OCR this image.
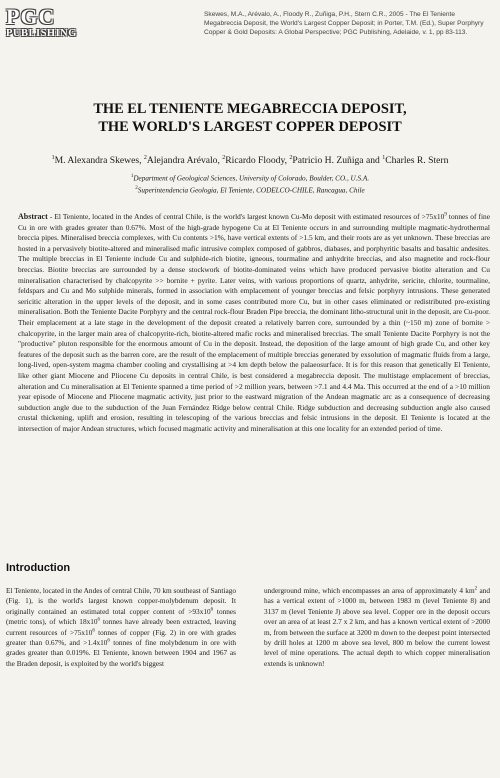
PGC
PUBLISHING
Skewes, M.A., Arévalo, A., Floody R., Zuñiga, P.H., Stern C.R., 2005 - The El Teniente Megabreccia Deposit, the World's Largest Copper Deposit; in Porter, T.M. (Ed.), Super Porphyry Copper & Gold Deposits: A Global Perspective; PGC Publishing, Adelaide, v. 1, pp 83-113.
THE EL TENIENTE MEGABRECCIA DEPOSIT,
THE WORLD'S LARGEST COPPER DEPOSIT
$^1$M. Alexandra Skewes, $^2$Alejandra Arévalo, $^2$Ricardo Floody, $^2$Patricio H. Zuñiga and $^1$Charles R. Stern
$^1$Department of Geological Sciences, University of Colorado, Boulder, CO., U.S.A.
$^2$Superintendencia Geologia, El Teniente, CODELCO-CHILE, Rancagua, Chile
Abstract - El Teniente, located in the Andes of central Chile, is the world's largest known Cu-Mo deposit with estimated resources of $>75x10^9$ tonnes of fine Cu in ore with grades greater than 0.67%. Most of the high-grade hypogene Cu at El Teniente occurs in and surrounding multiple magmatic-hydrothermal breccia pipes. Mineralised breccia complexes, with Cu contents >1%, have vertical extents of >1.5 km, and their roots are as yet unknown. These breccias are hosted in a pervasively biotite-altered and mineralised mafic intrusive complex composed of gabbros, diabases, and porphyritic basalts and basaltic andesites. The multiple breccias in El Teniente include Cu and sulphide-rich biotite, igneous, tourmaline and anhydrite breccias, and also magnetite and rock-flour breccias. Biotite breccias are surrounded by a dense stockwork of biotite-dominated veins which have produced pervasive biotite alteration and Cu mineralisation characterised by chalcopyrite >> bornite + pyrite. Later veins, with various proportions of quartz, anhydrite, sericite, chlorite, tourmaline, feldspars and Cu and Mo sulphide minerals, formed in association with emplacement of younger breccias and felsic porphyry intrusions. These generated sericitic alteration in the upper levels of the deposit, and in some cases contributed more Cu, but in other cases eliminated or redistributed pre-existing mineralisation. Both the Teniente Dacite Porphyry and the central rock-flour Braden Pipe breccia, the dominant litho-structural unit in the deposit, are Cu-poor. Their emplacement at a late stage in the development of the deposit created a relatively barren core, surrounded by a thin (~150 m) zone of bornite > chalcopyrite, in the larger main area of chalcopyrite-rich, biotite-altered mafic rocks and mineralised breccias. The small Teniente Dacite Porphyry is not the "productive" pluton responsible for the enormous amount of Cu in the deposit. Instead, the deposition of the large amount of high grade Cu, and other key features of the deposit such as the barren core, are the result of the emplacement of multiple breccias generated by exsolution of magmatic fluids from a large, long-lived, open-system magma chamber cooling and crystallising at >4 km depth below the palaeosurface. It is for this reason that genetically El Teniente, like other giant Miocene and Pliocene Cu deposits in central Chile, is best considered a megabreccia deposit. The multistage emplacement of breccias, alteration and Cu mineralisation at El Teniente spanned a time period of >2 million years, between >7.1 and 4.4 Ma. This occurred at the end of a >10 million year episode of Miocene and Pliocene magmatic activity, just prior to the eastward migration of the Andean magmatic arc as a consequence of decreasing subduction angle due to the subduction of the Juan Fernández Ridge below central Chile. Ridge subduction and decreasing subduction angle also caused crustal thickening, uplift and erosion, resulting in telescoping of the various breccias and felsic intrusions in the deposit. El Teniente is located at the intersection of major Andean structures, which focused magmatic activity and mineralisation at this one locality for an extended period of time.
Introduction
El Teniente, located in the Andes of central Chile, 70 km southeast of Santiago (Fig. 1), is the world's largest known copper-molybdenum deposit. It originally contained an estimated total copper content of $>93x10^6$ tonnes (metric tons), of which $18x10^6$ tonnes have already been extracted, leaving current resources of $>75x10^6$ tonnes of copper (Fig. 2) in ore with grades greater than 0.67%, and $>1.4x10^6$ tonnes of fine molybdenum in ore with grades greater than 0.019%. El Teniente, known between 1904 and 1967 as the Braden deposit, is exploited by the world's biggest
underground mine, which encompasses an area of approximately 4 $km^2$ and has a vertical extent of >1000 m, between 1983 m (level Teniente 8) and 3137 m (level Teniente J) above sea level. Copper ore in the deposit occurs over an area of at least 2.7 x 2 km, and has a known vertical extent of >2000 m, from between the surface at 3200 m down to the deepest point intersected by drill holes at 1200 m above sea level, 800 m below the current lowest level of mine operations. The actual depth to which copper mineralisation extends is unknown!
